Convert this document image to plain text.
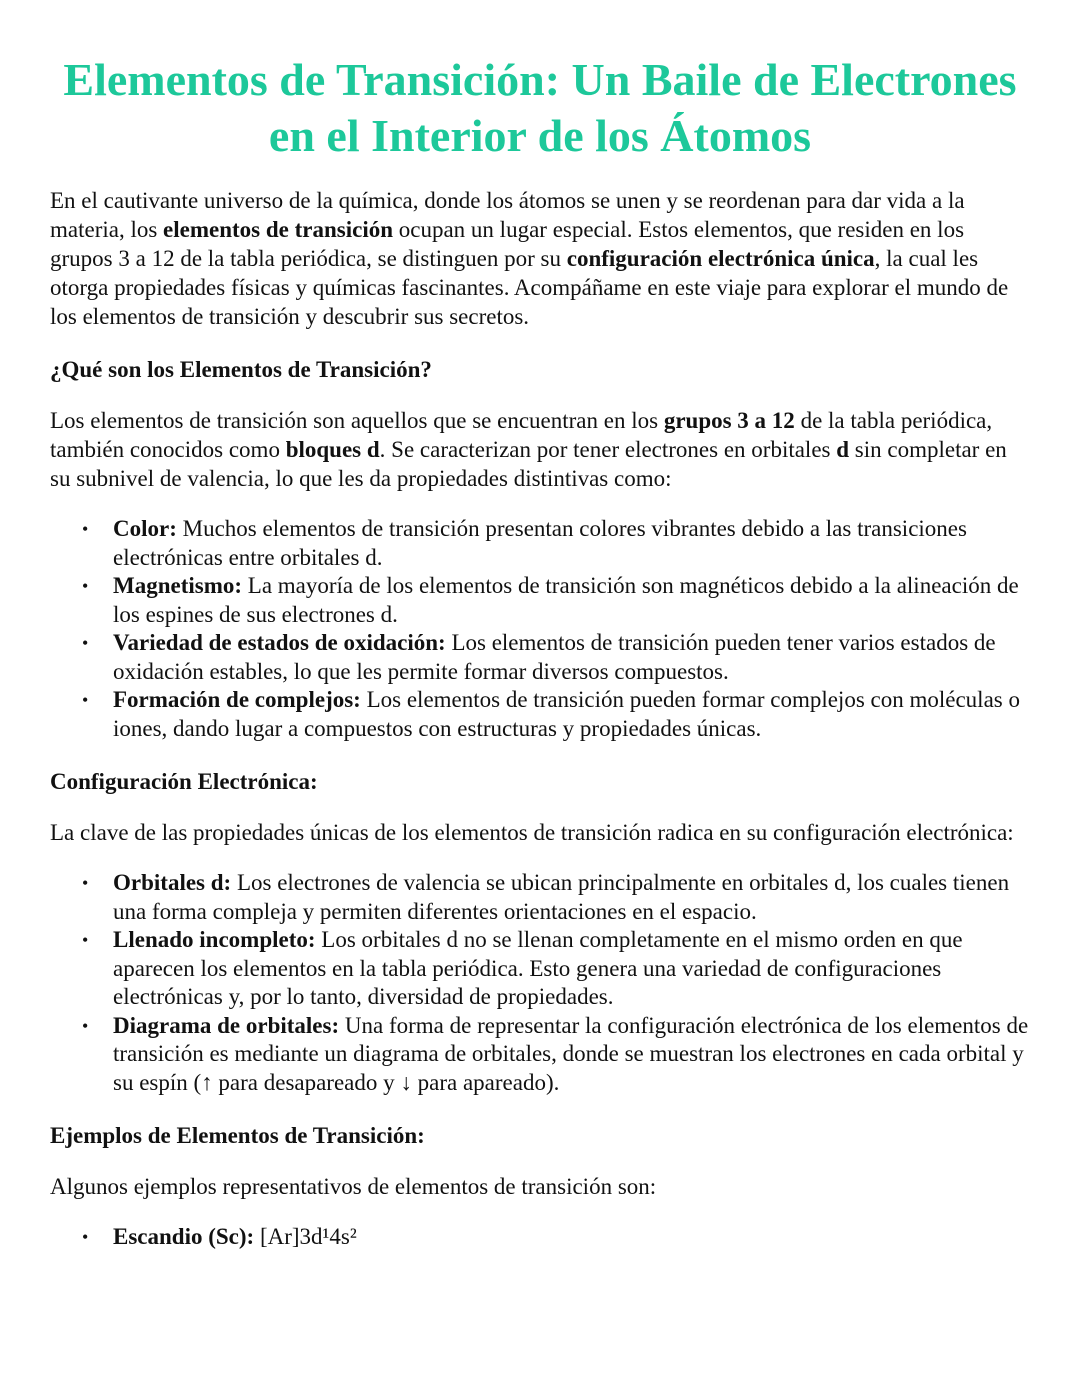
Elementos de Transición: Un Baile de Electrones en el Interior de los Átomos

En el cautivante universo de la química, donde los átomos se unen y se reordenan para dar vida a la materia, los elementos de transición ocupan un lugar especial. Estos elementos, que residen en los grupos 3 a 12 de la tabla periódica, se distinguen por su configuración electrónica única, la cual les otorga propiedades físicas y químicas fascinantes. Acompáñame en este viaje para explorar el mundo de los elementos de transición y descubrir sus secretos.

¿Qué son los Elementos de Transición?

Los elementos de transición son aquellos que se encuentran en los grupos 3 a 12 de la tabla periódica, también conocidos como bloques d. Se caracterizan por tener electrones en orbitales d sin completar en su subnivel de valencia, lo que les da propiedades distintivas como:

• Color: Muchos elementos de transición presentan colores vibrantes debido a las transiciones electrónicas entre orbitales d.
• Magnetismo: La mayoría de los elementos de transición son magnéticos debido a la alineación de los espines de sus electrones d.
• Variedad de estados de oxidación: Los elementos de transición pueden tener varios estados de oxidación estables, lo que les permite formar diversos compuestos.
• Formación de complejos: Los elementos de transición pueden formar complejos con moléculas o iones, dando lugar a compuestos con estructuras y propiedades únicas.
Configuración Electrónica:

La clave de las propiedades únicas de los elementos de transición radica en su configuración electrónica:

• Orbitales d: Los electrones de valencia se ubican principalmente en orbitales d, los cuales tienen una forma compleja y permiten diferentes orientaciones en el espacio.
• Llenado incompleto: Los orbitales d no se llenan completamente en el mismo orden en que aparecen los elementos en la tabla periódica. Esto genera una variedad de configuraciones electrónicas y, por lo tanto, diversidad de propiedades.
• Diagrama de orbitales: Una forma de representar la configuración electrónica de los elementos de transición es mediante un diagrama de orbitales, donde se muestran los electrones en cada orbital y su espín (↑ para desapareado y ↓ para apareado).
Ejemplos de Elementos de Transición:

Algunos ejemplos representativos de elementos de transición son:

• Escandio (Sc): [Ar]3d¹4s²
